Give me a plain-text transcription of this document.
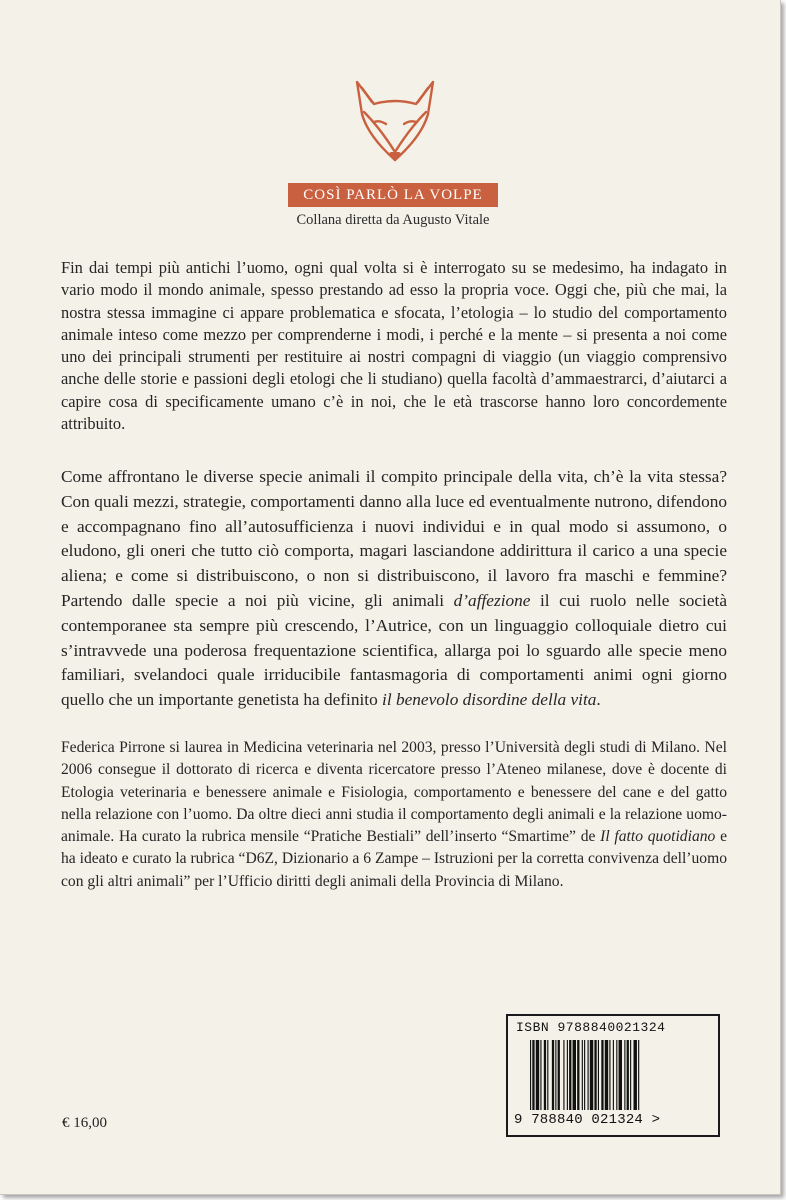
COSÌ PARLÒ LA VOLPE
Collana diretta da Augusto Vitale

Fin dai tempi più antichi l’uomo, ogni qual volta si è interrogato su se medesimo, ha indagato in vario modo il mondo animale, spesso prestando ad esso la propria voce. Oggi che, più che mai, la nostra stessa immagine ci appare problematica e sfocata, l’etologia – lo studio del comportamento animale inteso come mezzo per comprenderne i modi, i perché e la mente – si presenta a noi come uno dei principali strumenti per restituire ai nostri compagni di viaggio (un viaggio comprensivo anche delle storie e passioni degli etologi che li studiano) quella facoltà d’ammaestrarci, d’aiutarci a capire cosa di specificamente umano c’è in noi, che le età trascorse hanno loro concordemente attribuito.

Come affrontano le diverse specie animali il compito principale della vita, ch’è la vita stessa? Con quali mezzi, strategie, comportamenti danno alla luce ed eventualmente nutrono, difendono e accompagnano fino all’autosufficienza i nuovi individui e in qual modo si assumono, o eludono, gli oneri che tutto ciò comporta, magari lasciandone addirittura il carico a una specie aliena; e come si distribuiscono, o non si distribuiscono, il lavoro fra maschi e femmine? Partendo dalle specie a noi più vicine, gli animali d’affezione il cui ruolo nelle società contemporanee sta sempre più crescendo, l’Autrice, con un linguaggio colloquiale dietro cui s’intravvede una poderosa frequentazione scientifica, allarga poi lo sguardo alle specie meno familiari, svelandoci quale irriducibile fantasmagoria di comportamenti animi ogni giorno quello che un importante genetista ha definito il benevolo disordine della vita.

Federica Pirrone si laurea in Medicina veterinaria nel 2003, presso l’Università degli studi di Milano. Nel 2006 consegue il dottorato di ricerca e diventa ricercatore presso l’Ateneo milanese, dove è docente di Etologia veterinaria e benessere animale e Fisiologia, comportamento e benessere del cane e del gatto nella relazione con l’uomo. Da oltre dieci anni studia il comportamento degli animali e la relazione uomo-animale. Ha curato la rubrica mensile “Pratiche Bestiali” dell’inserto “Smartime” de Il fatto quotidiano e ha ideato e curato la rubrica “D6Z, Dizionario a 6 Zampe – Istruzioni per la corretta convivenza dell’uomo con gli altri animali” per l’Ufficio diritti degli animali della Provincia di Milano.

ISBN 9788840021324
9 788840 021324 >
€ 16,00
